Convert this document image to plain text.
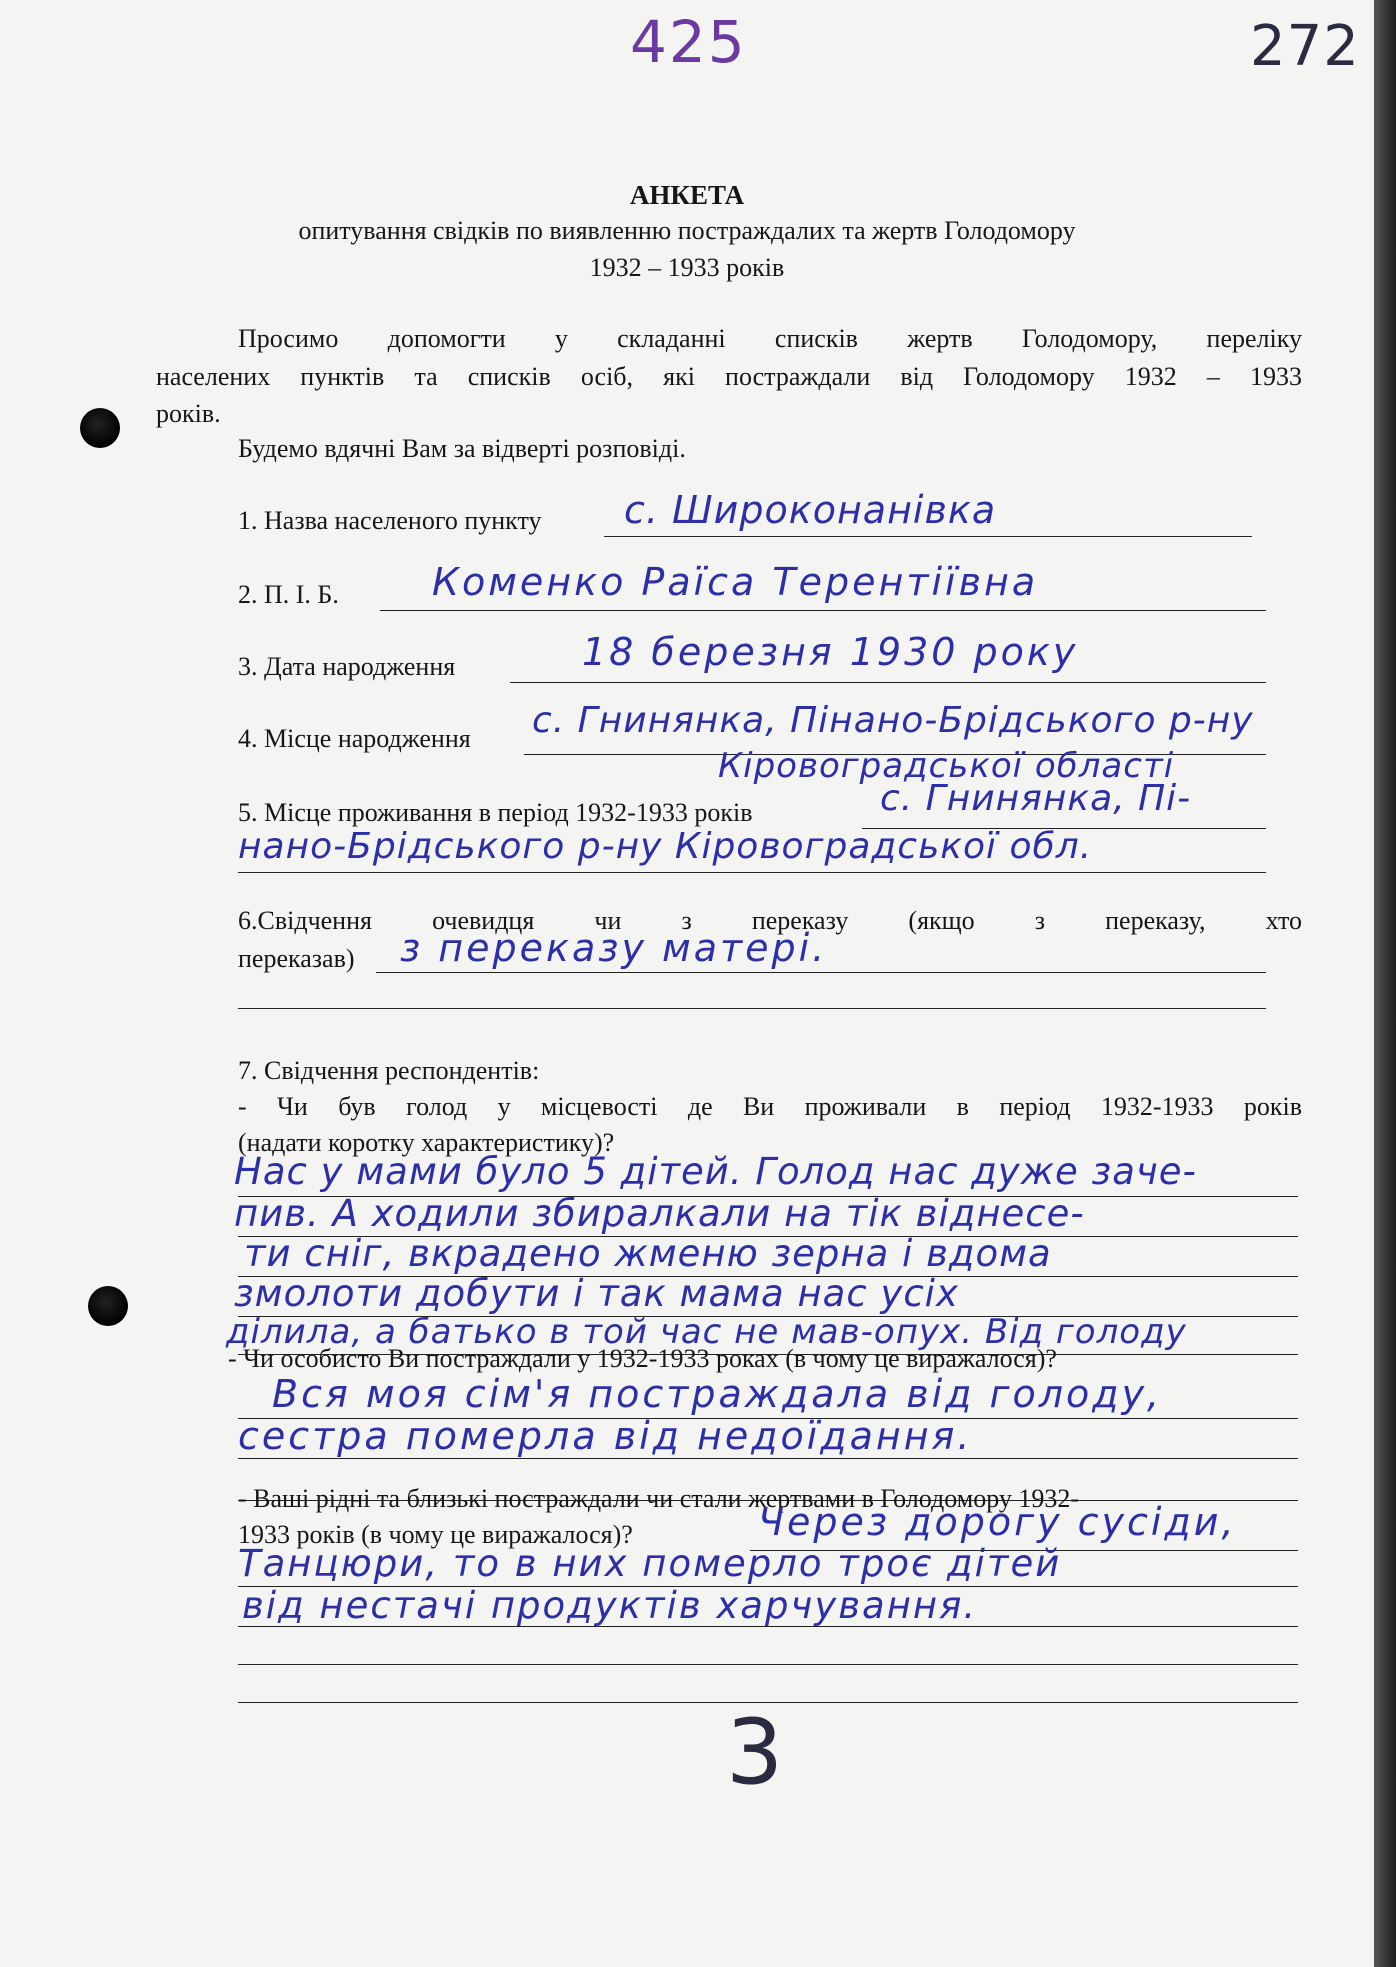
425	272
АНКЕТА
опитування свідків по виявленню постраждалих та жертв Голодомору
1932 – 1933 років
Просимо допомогти у складанні списків жертв Голодомору, переліку
населених пунктів та списків осіб, які постраждали від Голодомору 1932 – 1933
років.
Будемо вдячні Вам за відверті розповіді.
1. Назва населеного пункту с. Широконанівка
2. П. І. Б. Коменко Раїса Терентіївна
3. Дата народження	18 березня 1930 року
4. Місце народження с. Гнинянка, Пінано-Брідського р-ну
Кіровоградської області
5. Місце проживання в період 1932-1933 років	с. Гнинянка, Пі-
нано-Брідського р-ну Кіровоградської обл.
6.Свідчення очевидця чи з переказу (якщо з переказу, хто
переказав) з переказу матері.
7. Свідчення респондентів:
- Чи був голод у місцевості де Ви проживали в період 1932-1933 років
(надати коротку характеристику)?
Нас у мами було 5 дітей. Голод нас дуже заче-
пив. А ходили збиралкали на тік віднесе-
ти сніг, вкрадено жменю зерна і вдома
змолоти добути і так мама нас усіх
ділила, а батько в той час не мав-опух. Від голоду
- Чи особисто Ви постраждали у 1932-1933 роках (в чому це виражалося)?
Вся моя сім'я постраждала від голоду,
сестра померла від недоїдання.
- Ваші рідні та близькі постраждали чи стали жертвами в Голодомору 1932-
1933 років (в чому це виражалося)?	Через дорогу сусіди,
Танцюри, то в них померло троє дітей
від нестачі продуктів харчування.
3
